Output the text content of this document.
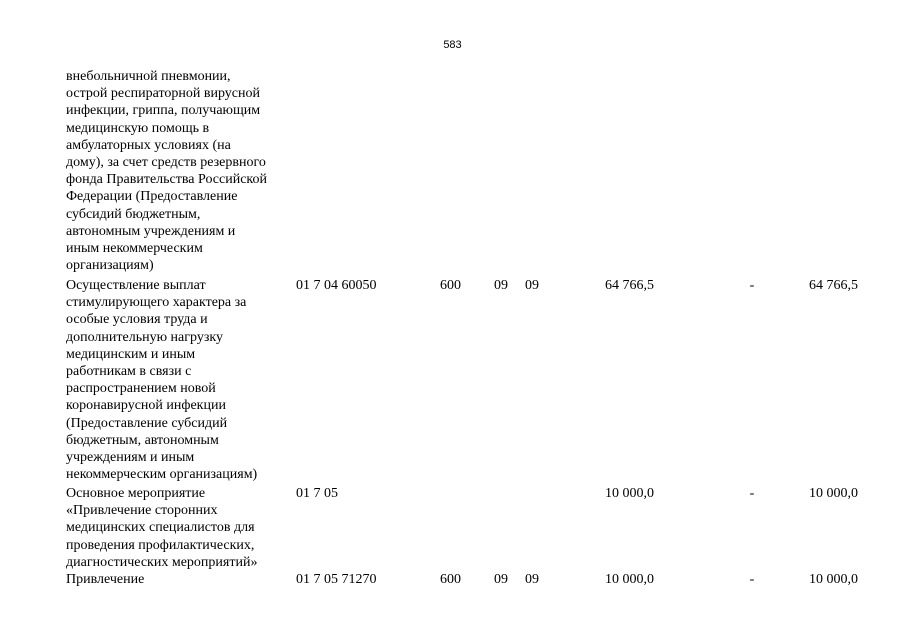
583
внебольничной пневмонии,
острой респираторной вирусной
инфекции, гриппа, получающим
медицинскую помощь в
амбулаторных условиях (на
дому), за счет средств резервного
фонда Правительства Российской
Федерации (Предоставление
субсидий бюджетным,
автономным учреждениям и
иным некоммерческим
организациям)
Осуществление выплат
стимулирующего характера за
особые условия труда и
дополнительную нагрузку
медицинским и иным
работникам в связи с
распространением новой
коронавирусной инфекции
(Предоставление субсидий
бюджетным, автономным
учреждениям и иным
некоммерческим организациям)
01 7 04 60050	600 09 09	64 766,5	-	64 766,5
Основное мероприятие
«Привлечение сторонних
медицинских специалистов для
проведения профилактических,
диагностических мероприятий»
01 7 05	10 000,0	-	10 000,0
Привлечение	01 7 05 71270	600 09 09	10 000,0	-	10 000,0
